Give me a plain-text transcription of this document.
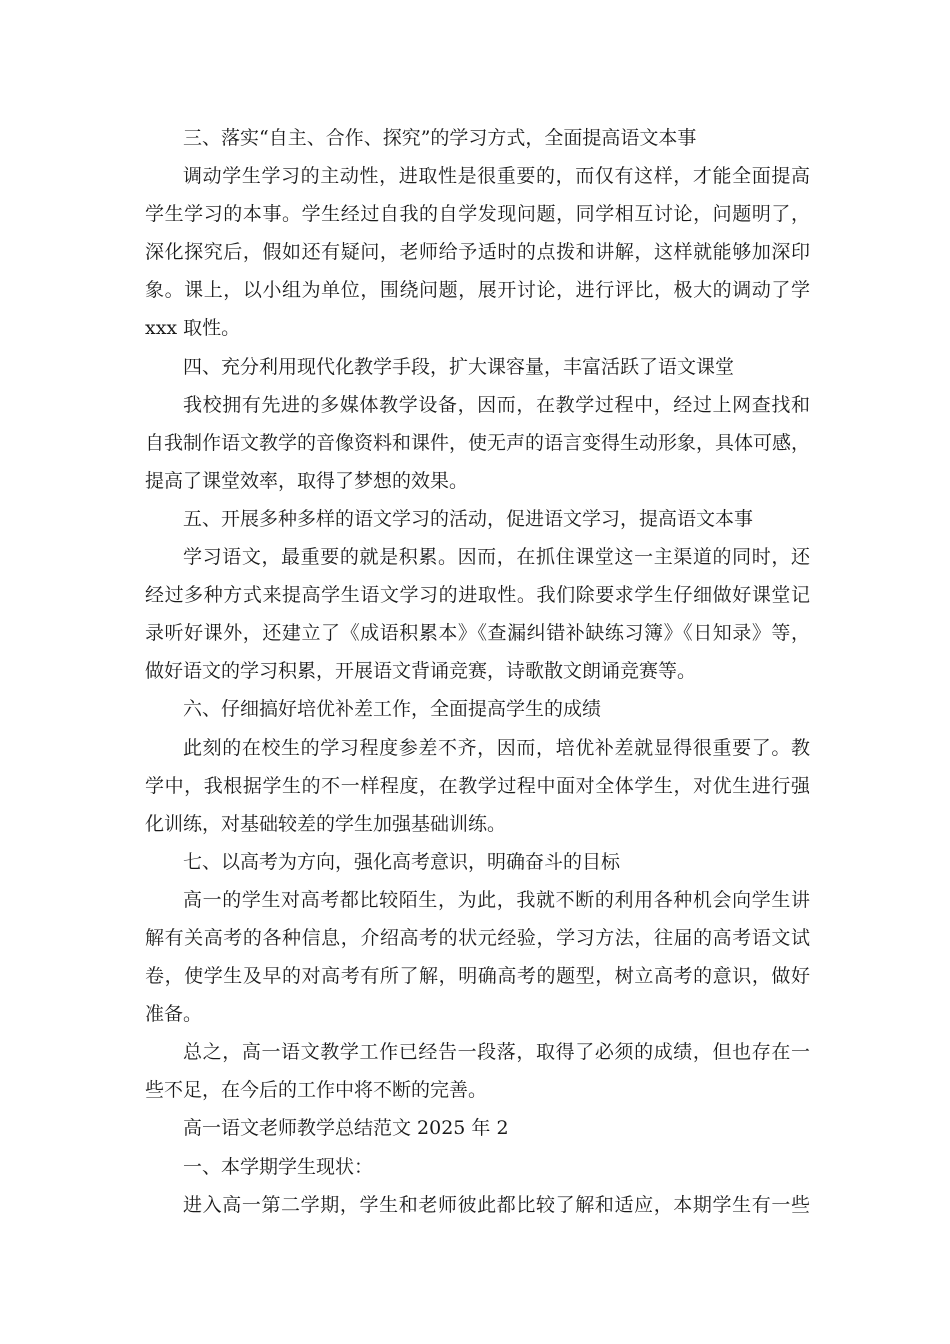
三、落实“自主、合作、探究”的学习方式，全面提高语文本事
调动学生学习的主动性，进取性是很重要的，而仅有这样，才能全面提高
学生学习的本事。学生经过自我的自学发现问题，同学相互讨论，问题明了，
深化探究后，假如还有疑问，老师给予适时的点拨和讲解，这样就能够加深印
象。课上，以小组为单位，围绕问题，展开讨论，进行评比，极大的调动了学
xxx 取性。
四、充分利用现代化教学手段，扩大课容量，丰富活跃了语文课堂
我校拥有先进的多媒体教学设备，因而，在教学过程中，经过上网查找和
自我制作语文教学的音像资料和课件，使无声的语言变得生动形象，具体可感，
提高了课堂效率，取得了梦想的效果。
五、开展多种多样的语文学习的活动，促进语文学习，提高语文本事
学习语文，最重要的就是积累。因而，在抓住课堂这一主渠道的同时，还
经过多种方式来提高学生语文学习的进取性。我们除要求学生仔细做好课堂记
录听好课外，还建立了《成语积累本》《查漏纠错补缺练习簿》《日知录》等，
做好语文的学习积累，开展语文背诵竞赛，诗歌散文朗诵竞赛等。
六、仔细搞好培优补差工作，全面提高学生的成绩
此刻的在校生的学习程度参差不齐，因而，培优补差就显得很重要了。教
学中，我根据学生的不一样程度，在教学过程中面对全体学生，对优生进行强
化训练，对基础较差的学生加强基础训练。
七、以高考为方向，强化高考意识，明确奋斗的目标
高一的学生对高考都比较陌生，为此，我就不断的利用各种机会向学生讲
解有关高考的各种信息，介绍高考的状元经验，学习方法，往届的高考语文试
卷，使学生及早的对高考有所了解，明确高考的题型，树立高考的意识，做好
准备。
总之，高一语文教学工作已经告一段落，取得了必须的成绩，但也存在一
些不足，在今后的工作中将不断的完善。
高一语文老师教学总结范文 2025 年 2
一、本学期学生现状：
进入高一第二学期，学生和老师彼此都比较了解和适应，本期学生有一些
